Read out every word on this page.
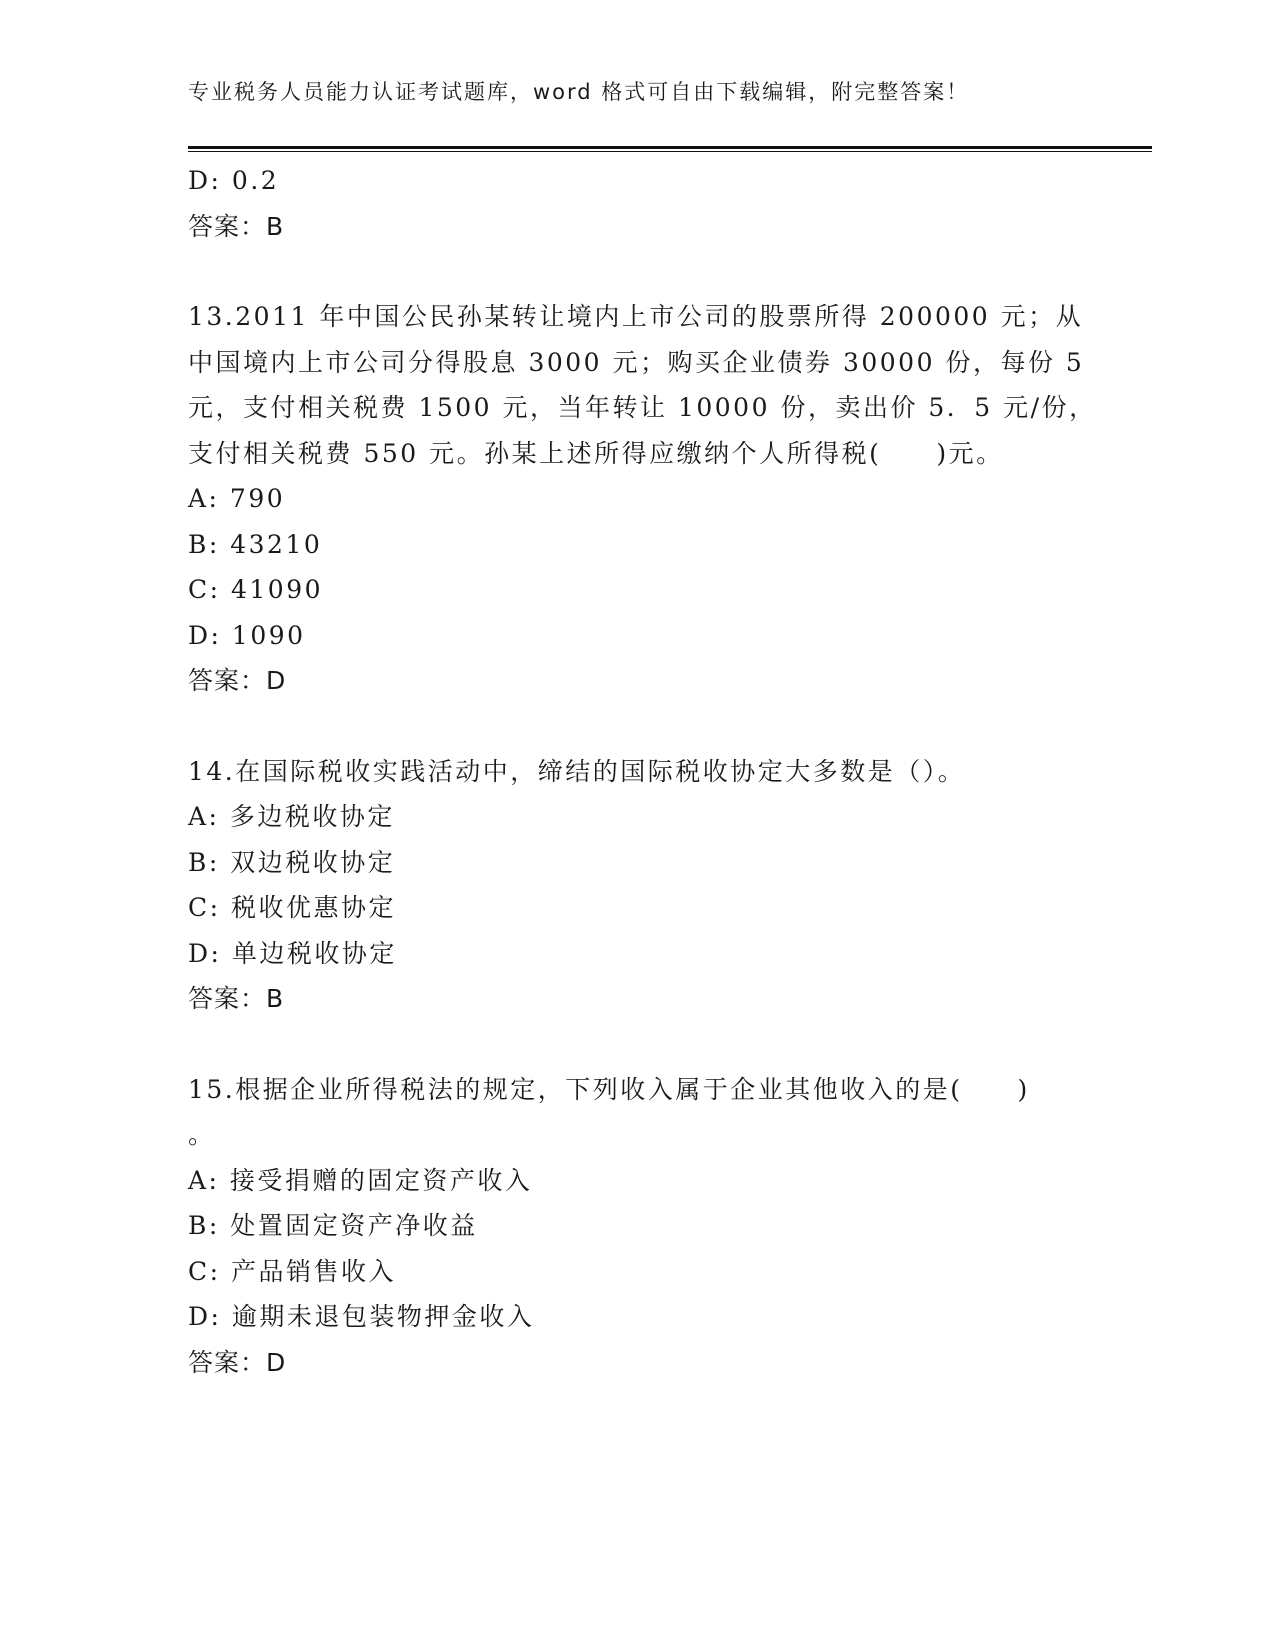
专业税务人员能力认证考试题库，word 格式可自由下载编辑，附完整答案！
D: 0.2
答案：B
13.2011 年中国公民孙某转让境内上市公司的股票所得 200000 元；从
中国境内上市公司分得股息 3000 元；购买企业债券 30000 份，每份 5
元，支付相关税费 1500 元，当年转让 10000 份，卖出价 5．5 元/份，
支付相关税费 550 元。孙某上述所得应缴纳个人所得税(　　)元。
A: 790
B: 43210
C: 41090
D: 1090
答案：D
14.在国际税收实践活动中，缔结的国际税收协定大多数是（）。
A: 多边税收协定
B: 双边税收协定
C: 税收优惠协定
D: 单边税收协定
答案：B
15.根据企业所得税法的规定，下列收入属于企业其他收入的是(　　)
。
A: 接受捐赠的固定资产收入
B: 处置固定资产净收益
C: 产品销售收入
D: 逾期未退包装物押金收入
答案：D
